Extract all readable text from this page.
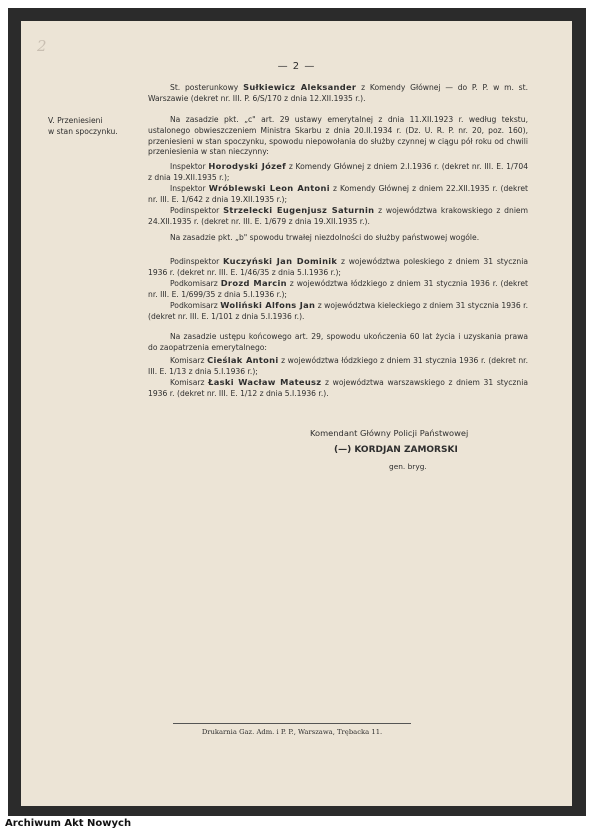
2
— 2 —
St. posterunkowy Sułkiewicz Aleksander z Komendy Głównej — do P. P. w m. st. Warszawie (dekret nr. III. P. 6/S/170 z dnia 12.XII.1935 r.).
V. Przeniesieni
w stan spoczynku.
Na zasadzie pkt. „c" art. 29 ustawy emerytalnej z dnia 11.XII.1923 r. według tekstu, ustalonego obwieszczeniem Ministra Skarbu z dnia 20.II.1934 r. (Dz. U. R. P. nr. 20, poz. 160), przeniesieni w stan spoczynku, spowodu niepowołania do służby czynnej w ciągu pół roku od chwili przeniesienia w stan nieczynny:
Inspektor Horodyski Józef z Komendy Głównej z dniem 2.I.1936 r. (dekret nr. III. E. 1/704 z dnia 19.XII.1935 r.);
Inspektor Wróblewski Leon Antoni z Komendy Głównej z dniem 22.XII.1935 r. (dekret nr. III. E. 1/642 z dnia 19.XII.1935 r.);
Podinspektor Strzelecki Eugenjusz Saturnin z województwa krakowskiego z dniem 24.XII.1935 r. (dekret nr. III. E. 1/679 z dnia 19.XII.1935 r.).
Na zasadzie pkt. „b" spowodu trwałej niezdolności do służby państwowej wogóle.
Podinspektor Kuczyński Jan Dominik z województwa poleskiego z dniem 31 stycznia 1936 r. (dekret nr. III. E. 1/46/35 z dnia 5.I.1936 r.);
Podkomisarz Drozd Marcin z województwa łódzkiego z dniem 31 stycznia 1936 r. (dekret nr. III. E. 1/699/35 z dnia 5.I.1936 r.);
Podkomisarz Woliński Alfons Jan z województwa kieleckiego z dniem 31 stycznia 1936 r. (dekret nr. III. E. 1/101 z dnia 5.I.1936 r.).
Na zasadzie ustępu końcowego art. 29, spowodu ukończenia 60 lat życia i uzyskania prawa do zaopatrzenia emerytalnego:
Komisarz Cieślak Antoni z województwa łódzkiego z dniem 31 stycznia 1936 r. (dekret nr. III. E. 1/13 z dnia 5.I.1936 r.);
Komisarz Łaski Wacław Mateusz z województwa warszawskiego z dniem 31 stycznia 1936 r. (dekret nr. III. E. 1/12 z dnia 5.I.1936 r.).
Komendant Główny Policji Państwowej
(—) KORDJAN ZAMORSKI
gen. bryg.
Drukarnia Gaz. Adm. i P. P., Warszawa, Trębacka 11.
Archiwum Akt Nowych
